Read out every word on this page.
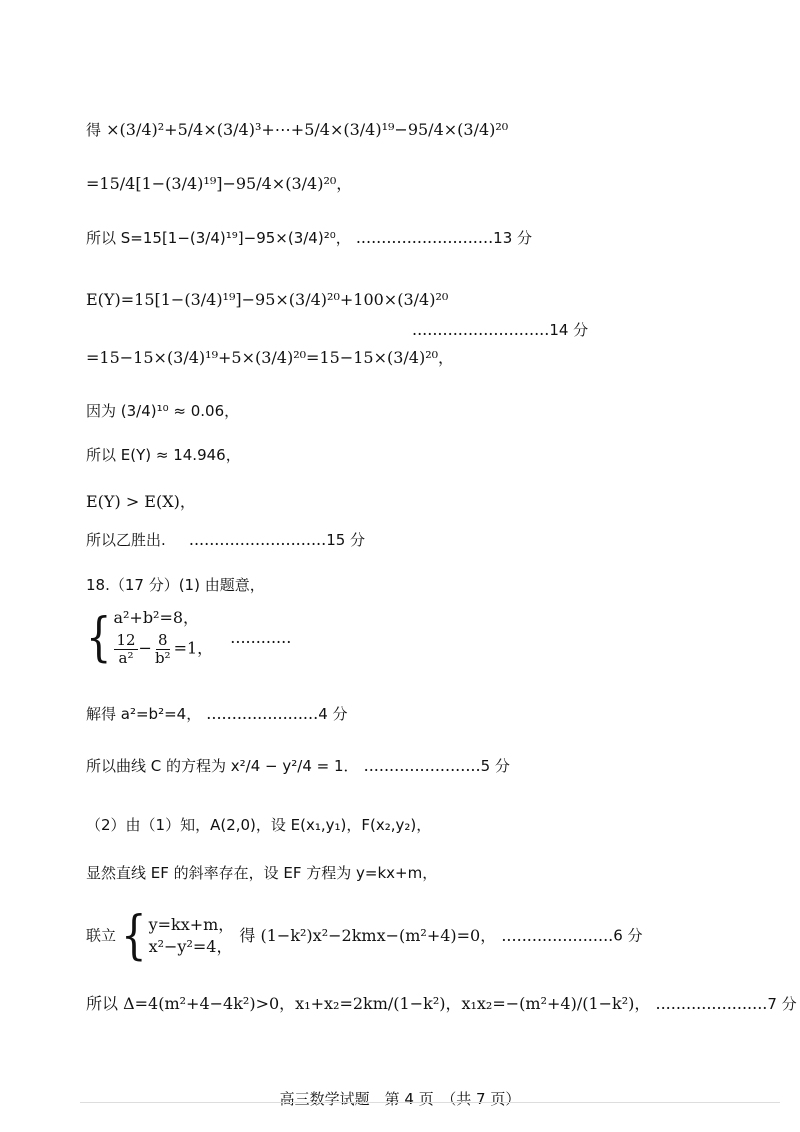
得 ×(3/4)²+5/4×(3/4)³+⋯+5/4×(3/4)¹⁹−95/4×(3/4)²⁰
=15/4[1−(3/4)¹⁹]−95/4×(3/4)²⁰，
所以 S=15[1−(3/4)¹⁹]−95×(3/4)²⁰， ...........................13 分
E(Y)=15[1−(3/4)¹⁹]−95×(3/4)²⁰+100×(3/4)²⁰
...........................14 分
=15−15×(3/4)¹⁹+5×(3/4)²⁰=15−15×(3/4)²⁰，
因为 (3/4)¹⁰ ≈ 0.06，
所以 E(Y) ≈ 14.946，
E(Y) > E(X)，
所以乙胜出. ...........................15 分
18.（17 分）(1) 由题意，
{ a²+b²=8，
$\frac{12}{\text{a²}} - \frac{8}{\text{b²}} =1$，
............
解得 a²=b²=4， ......................4 分
所以曲线 C 的方程为 x²/4 − y²/4 = 1． .......................5 分
（2）由（1）知，A(2,0)，设 E(x₁,y₁)，F(x₂,y₂)，
显然直线 EF 的斜率存在，设 EF 方程为 y=kx+m，
联立 { y=kx+m，
x²−y²=4，
得 (1−k²)x²−2kmx−(m²+4)=0， ......................6 分
所以 Δ=4(m²+4−4k²)>0，x₁+x₂=2km/(1−k²)，x₁x₂=−(m²+4)/(1−k²)， ......................7 分
高三数学试题　第 4 页　（共 7 页）
